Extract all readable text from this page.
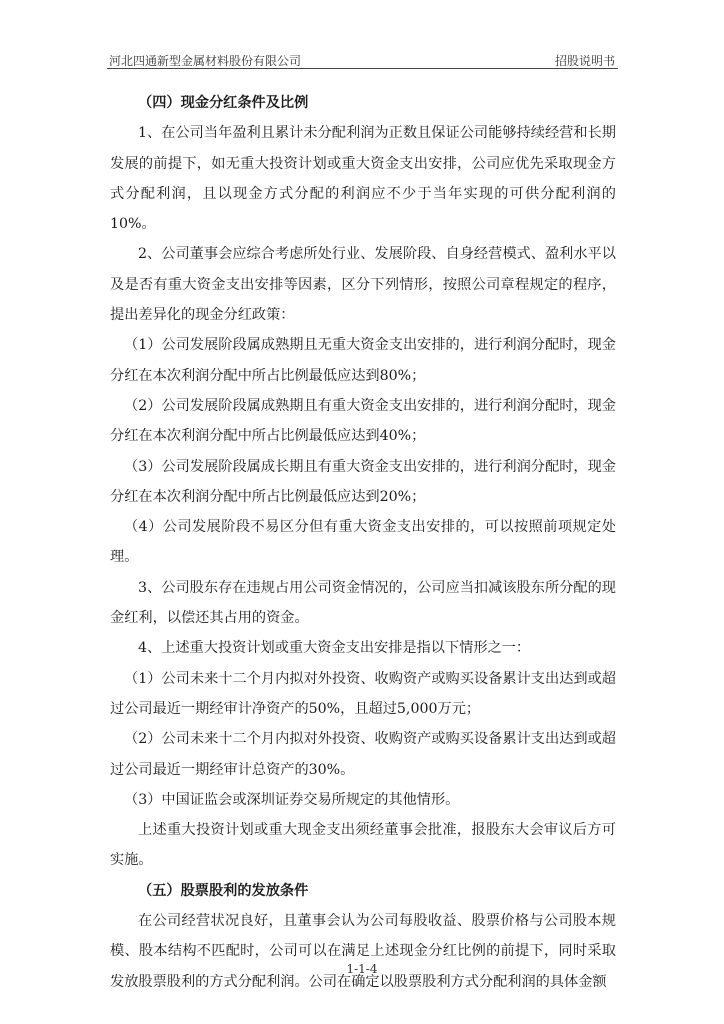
河北四通新型金属材料股份有限公司	招股说明书

（四）现金分红条件及比例

1、在公司当年盈利且累计未分配利润为正数且保证公司能够持续经营和长期发展的前提下，如无重大投资计划或重大资金支出安排，公司应优先采取现金方式分配利润，且以现金方式分配的利润应不少于当年实现的可供分配利润的10%。

2、公司董事会应综合考虑所处行业、发展阶段、自身经营模式、盈利水平以及是否有重大资金支出安排等因素，区分下列情形，按照公司章程规定的程序，提出差异化的现金分红政策：

（1）公司发展阶段属成熟期且无重大资金支出安排的，进行利润分配时，现金分红在本次利润分配中所占比例最低应达到80%；

（2）公司发展阶段属成熟期且有重大资金支出安排的，进行利润分配时，现金分红在本次利润分配中所占比例最低应达到40%；

（3）公司发展阶段属成长期且有重大资金支出安排的，进行利润分配时，现金分红在本次利润分配中所占比例最低应达到20%；

（4）公司发展阶段不易区分但有重大资金支出安排的，可以按照前项规定处理。

3、公司股东存在违规占用公司资金情况的，公司应当扣减该股东所分配的现金红利，以偿还其占用的资金。

4、上述重大投资计划或重大资金支出安排是指以下情形之一：

（1）公司未来十二个月内拟对外投资、收购资产或购买设备累计支出达到或超过公司最近一期经审计净资产的50%，且超过5,000万元；

（2）公司未来十二个月内拟对外投资、收购资产或购买设备累计支出达到或超过公司最近一期经审计总资产的30%。

（3）中国证监会或深圳证券交易所规定的其他情形。

上述重大投资计划或重大现金支出须经董事会批准，报股东大会审议后方可实施。

（五）股票股利的发放条件

在公司经营状况良好，且董事会认为公司每股收益、股票价格与公司股本规模、股本结构不匹配时，公司可以在满足上述现金分红比例的前提下，同时采取发放股票股利的方式分配利润。公司在确定以股票股利方式分配利润的具体金额

1-1-4
